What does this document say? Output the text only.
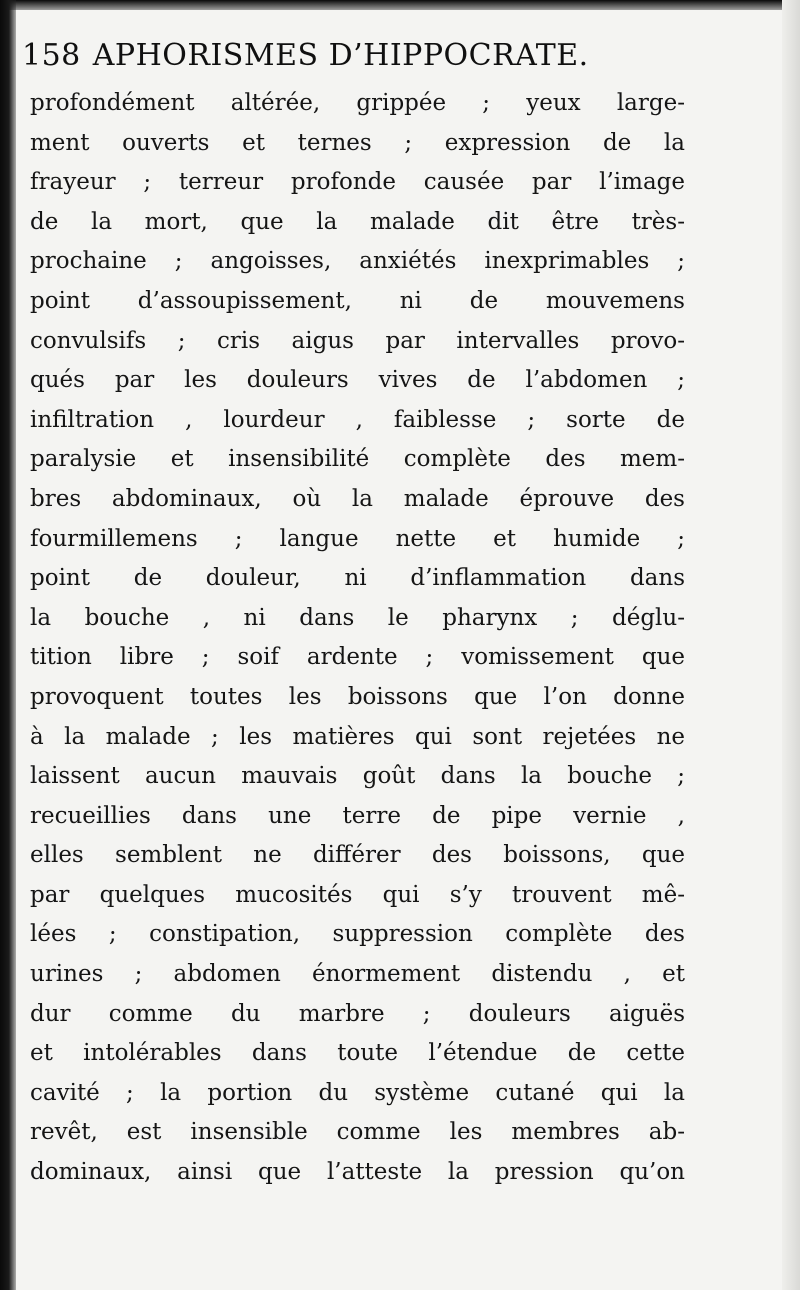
158 APHORISMES D’HIPPOCRATE.
profondément altérée, grippée ; yeux large-
ment ouverts et ternes ; expression de la
frayeur ; terreur profonde causée par l’image
de la mort, que la malade dit être très-
prochaine ; angoisses, anxiétés inexprimables ;
point d’assoupissement, ni de mouvemens
convulsifs ; cris aigus par intervalles provo-
qués par les douleurs vives de l’abdomen ;
infiltration , lourdeur , faiblesse ; sorte de
paralysie et insensibilité complète des mem-
bres abdominaux, où la malade éprouve des
fourmillemens ; langue nette et humide ;
point de douleur, ni d’inflammation dans
la bouche , ni dans le pharynx ; déglu-
tition libre ; soif ardente ; vomissement que
provoquent toutes les boissons que l’on donne
à la malade ; les matières qui sont rejetées ne
laissent aucun mauvais goût dans la bouche ;
recueillies dans une terre de pipe vernie ,
elles semblent ne différer des boissons, que
par quelques mucosités qui s’y trouvent mê-
lées ; constipation, suppression complète des
urines ; abdomen énormement distendu , et
dur comme du marbre ; douleurs aiguës
et intolérables dans toute l’étendue de cette
cavité ; la portion du système cutané qui la
revêt, est insensible comme les membres ab-
dominaux, ainsi que l’atteste la pression qu’on
